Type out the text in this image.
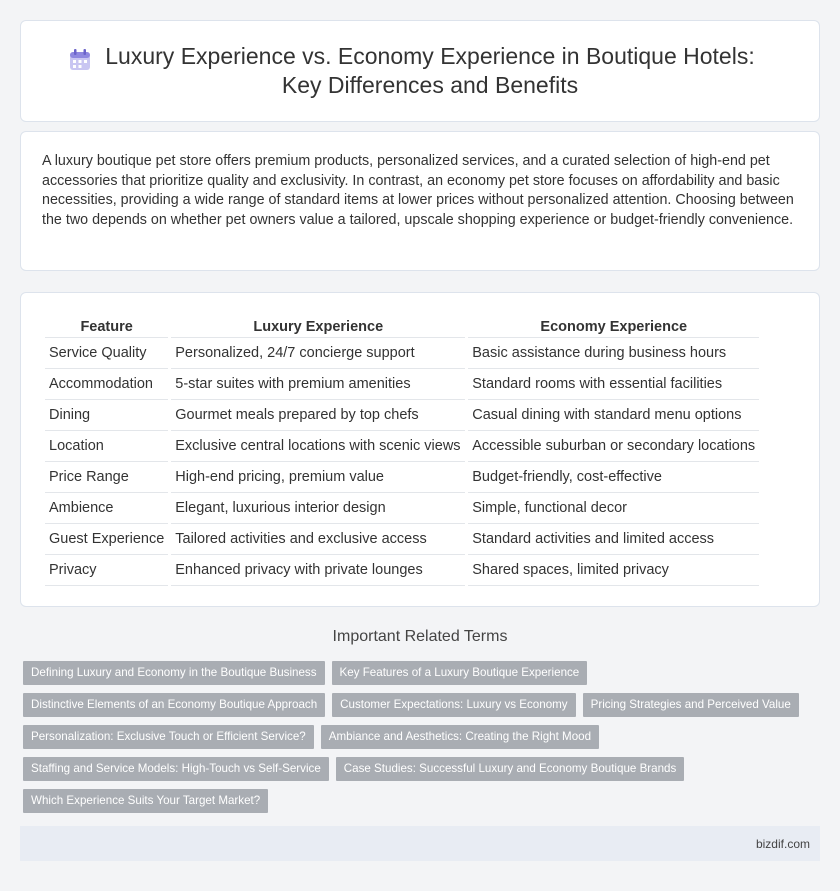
Luxury Experience vs. Economy Experience in Boutique Hotels:
Key Differences and Benefits

A luxury boutique pet store offers premium products, personalized services, and a curated selection of high-end pet accessories that prioritize quality and exclusivity. In contrast, an economy pet store focuses on affordability and basic necessities, providing a wide range of standard items at lower prices without personalized attention. Choosing between the two depends on whether pet owners value a tailored, upscale shopping experience or budget-friendly convenience.

Feature	Luxury Experience	Economy Experience
Service Quality	Personalized, 24/7 concierge support	Basic assistance during business hours
Accommodation	5-star suites with premium amenities	Standard rooms with essential facilities
Dining	Gourmet meals prepared by top chefs	Casual dining with standard menu options
Location	Exclusive central locations with scenic views	Accessible suburban or secondary locations
Price Range	High-end pricing, premium value	Budget-friendly, cost-effective
Ambience	Elegant, luxurious interior design	Simple, functional decor
Guest Experience	Tailored activities and exclusive access	Standard activities and limited access
Privacy	Enhanced privacy with private lounges	Shared spaces, limited privacy
Important Related Terms
Defining Luxury and Economy in the Boutique Business	Key Features of a Luxury Boutique Experience
Distinctive Elements of an Economy Boutique Approach	Customer Expectations: Luxury vs Economy	Pricing Strategies and Perceived Value
Personalization: Exclusive Touch or Efficient Service?	Ambiance and Aesthetics: Creating the Right Mood
Staffing and Service Models: High-Touch vs Self-Service	Case Studies: Successful Luxury and Economy Boutique Brands
Which Experience Suits Your Target Market?
bizdif.com
